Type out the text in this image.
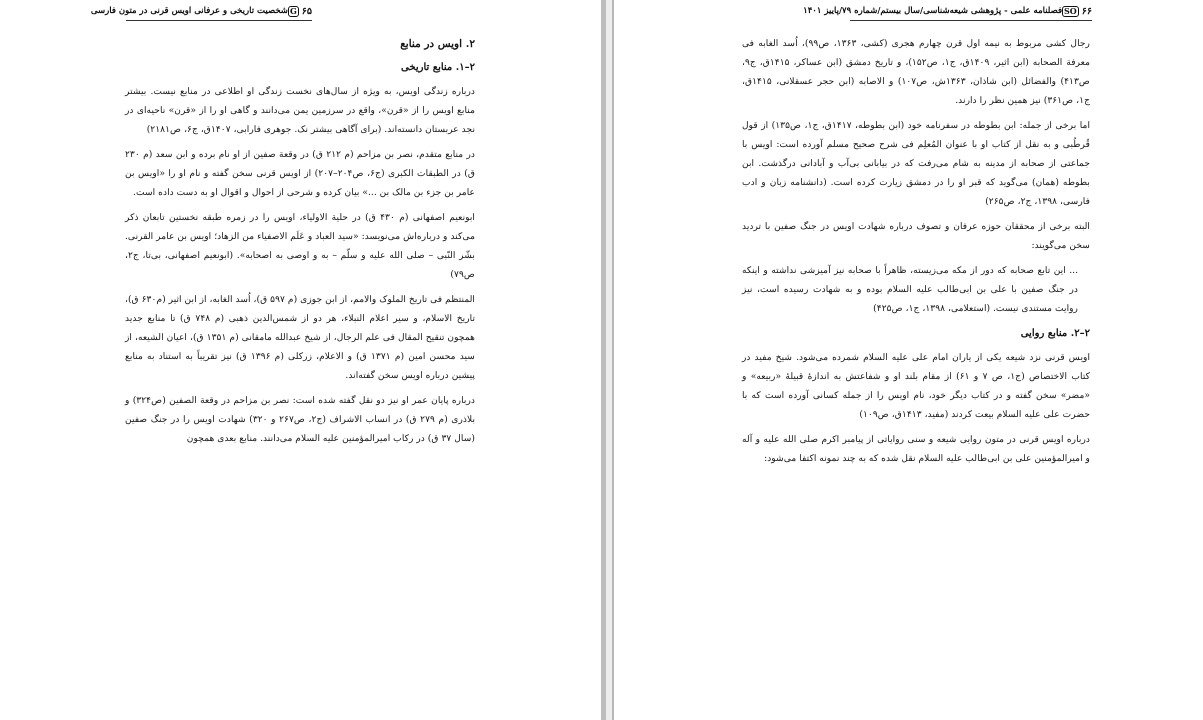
۶۵
G
شخصیت تاریخی و عرفانی اویس قرنی در متون فارسی
۲. اویس در منابع
۲–۱. منابع تاریخی

درباره زندگی اویس، به ویژه از سال‌های نخست زندگی او اطلاعی در منابع نیست. بیشتر منابع اویس را از «قرن»، واقع در سرزمین یمن می‌دانند و گاهی او را از «قرن» ناحیه‌ای در نجد عربستان دانسته‌اند. (برای آگاهی بیشتر نک. جوهری فارابی، ۱۴۰۷ق، ج۶، ص۲۱۸۱)

در منابع متقدم، نصر بن مزاحم (م ۲۱۲ ق) در وقعة صفین از او نام برده و ابن سعد (م ۲۳۰ ق) در الطبقات الکبری (ج۶، ص۲۰۴–۲۰۷) از اویس قرنی سخن گفته و نام او را «اویس بن عامر بن جزء بن مالک بن ...» بیان کرده و شرحی از احوال و اقوال او به دست داده است.

ابونعیم اصفهانی (م ۴۳۰ ق) در حلیة الاولیاء، اویس را در زمره طبقه نخستین تابعان ذکر می‌کند و درباره‌اش می‌نویسد: «سید العباد و عَلَم الاصفیاء من الزهاد؛ اویس بن عامر القرنی. بشّر النّبی – صلی الله علیه و سلّم – به و اوصی به اصحابه». (ابونعیم اصفهانی، بی‌تا، ج۲، ص۷۹)

المنتظم فی تاریخ الملوک والامم، از ابن جوزی (م ۵۹۷ ق)، اُسد الغابه، از ابن اثیر (م۶۳۰ ق)، تاریخ الاسلام، و سیر اعلام النبلاء، هر دو از شمس‌الدین ذهبی (م ۷۴۸ ق) تا منابع جدید همچون تنقیح المقال فی علم الرجال، از شیخ عبدالله مامقانی (م ۱۳۵۱ ق)، اعیان الشیعه، از سید محسن امین (م ۱۳۷۱ ق) و الاعلام، زرکلی (م ۱۳۹۶ ق) نیز تقریباً به استناد به منابع پیشین درباره اویس سخن گفته‌اند.

درباره پایان عمر او نیز دو نقل گفته شده است: نصر بن مزاحم در وقعة الصفین (ص۳۲۴) و بلاذری (م ۲۷۹ ق) در انساب الاشراف (ج۲، ص۲۶۷ و ۳۲۰) شهادت اویس را در جنگ صفین (سال ۳۷ ق) در رکاب امیرالمؤمنین علیه السلام می‌دانند. منابع بعدی همچون

۶۶
SO
فصلنامه علمی - پژوهشی شیعه‌شناسی/سال بیستم/شماره ۷۹/پاییز ۱۴۰۱

رجال کشی مربوط به نیمه اول قرن چهارم هجری (کشی، ۱۳۶۳، ص۹۹)، اُسد الغابه فی معرفة الصحابه (ابن اثیر، ۱۴۰۹ق، ج۱، ص۱۵۲)، و تاریخ دمشق (ابن عساکر، ۱۴۱۵ق، ج۹، ص۴۱۳) والفضائل (ابن شاذان، ۱۳۶۳ش، ص۱۰۷) و الاصابه (ابن حجر عسقلانی، ۱۴۱۵ق، ج۱، ص۳۶۱) نیز همین نظر را دارند.

اما برخی از جمله: ابن بطوطه در سفرنامه خود (ابن بطوطه، ۱۴۱۷ق، ج۱، ص۱۳۵) از قول قُرطُبی و به نقل از کتاب او با عنوان المُعلِم فی شرح صحیح مسلم آورده است: اویس با جماعتی از صحابه از مدینه به شام می‌رفت که در بیابانی بی‌آب و آبادانی درگذشت. ابن بطوطه (همان) می‌گوید که قبر او را در دمشق زیارت کرده است. (دانشنامه زبان و ادب فارسی، ۱۳۹۸، ج۲، ص۲۶۵)

البته برخی از محققان حوزه عرفان و تصوف درباره شهادت اویس در جنگ صفین با تردید سخن می‌گویند:

... این تابع صحابه که دور از مکه می‌زیسته، ظاهراً با صحابه نیز آمیزشی نداشته و اینکه در جنگ صفین با علی بن ابی‌طالب علیه السلام بوده و به شهادت رسیده است، نیز روایت مستندی نیست. (استعلامی، ۱۳۹۸، ج۱، ص۴۲۵)

۲–۲. منابع روایی

اویس قرنی نزد شیعه یکی از یاران امام علی علیه السلام شمرده می‌شود. شیخ مفید در کتاب الاختصاص (ج۱، ص ۷ و ۶۱) از مقام بلند او و شفاعتش به اندازهٔ قبیلهٔ «ربیعه» و «مضر» سخن گفته و در کتاب دیگر خود، نام اویس را از جمله کسانی آورده است که با حضرت علی علیه السلام بیعت کردند (مفید، ۱۴۱۳ق، ص۱۰۹)

درباره اویس قرنی در متون روایی شیعه و سنی روایاتی از پیامبر اکرم صلی الله علیه و آله و امیرالمؤمنین علی بن ابی‌طالب علیه السلام نقل شده که به چند نمونه اکتفا می‌شود:
